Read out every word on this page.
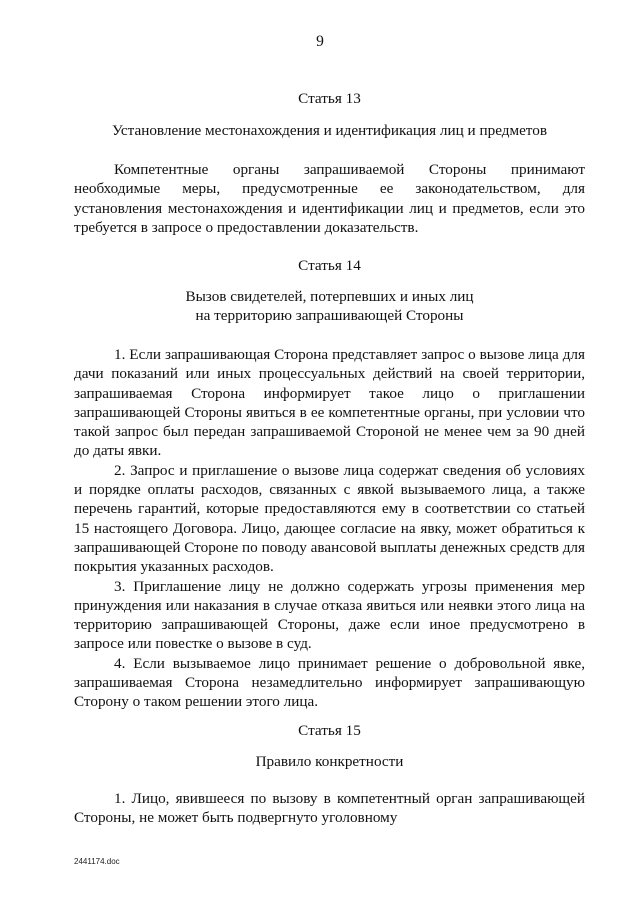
9

Статья 13

Установление местонахождения и идентификация лиц и предметов

Компетентные органы запрашиваемой Стороны принимают необходимые меры, предусмотренные ее законодательством, для установления местонахождения и идентификации лиц и предметов, если это требуется в запросе о предоставлении доказательств.

Статья 14

Вызов свидетелей, потерпевших и иных лиц

на территорию запрашивающей Стороны

1. Если запрашивающая Сторона представляет запрос о вызове лица для дачи показаний или иных процессуальных действий на своей территории, запрашиваемая Сторона информирует такое лицо о приглашении запрашивающей Стороны явиться в ее компетентные органы, при условии что такой запрос был передан запрашиваемой Стороной не менее чем за 90 дней до даты явки.

2. Запрос и приглашение о вызове лица содержат сведения об условиях и порядке оплаты расходов, связанных с явкой вызываемого лица, а также перечень гарантий, которые предоставляются ему в соответствии со статьей 15 настоящего Договора. Лицо, дающее согласие на явку, может обратиться к запрашивающей Стороне по поводу авансовой выплаты денежных средств для покрытия указанных расходов.

3. Приглашение лицу не должно содержать угрозы применения мер принуждения или наказания в случае отказа явиться или неявки этого лица на территорию запрашивающей Стороны, даже если иное предусмотрено в запросе или повестке о вызове в суд.

4. Если вызываемое лицо принимает решение о добровольной явке, запрашиваемая Сторона незамедлительно информирует запрашивающую Сторону о таком решении этого лица.

Статья 15

Правило конкретности

1. Лицо, явившееся по вызову в компетентный орган запрашивающей Стороны, не может быть подвергнуто уголовному

2441174.doc
